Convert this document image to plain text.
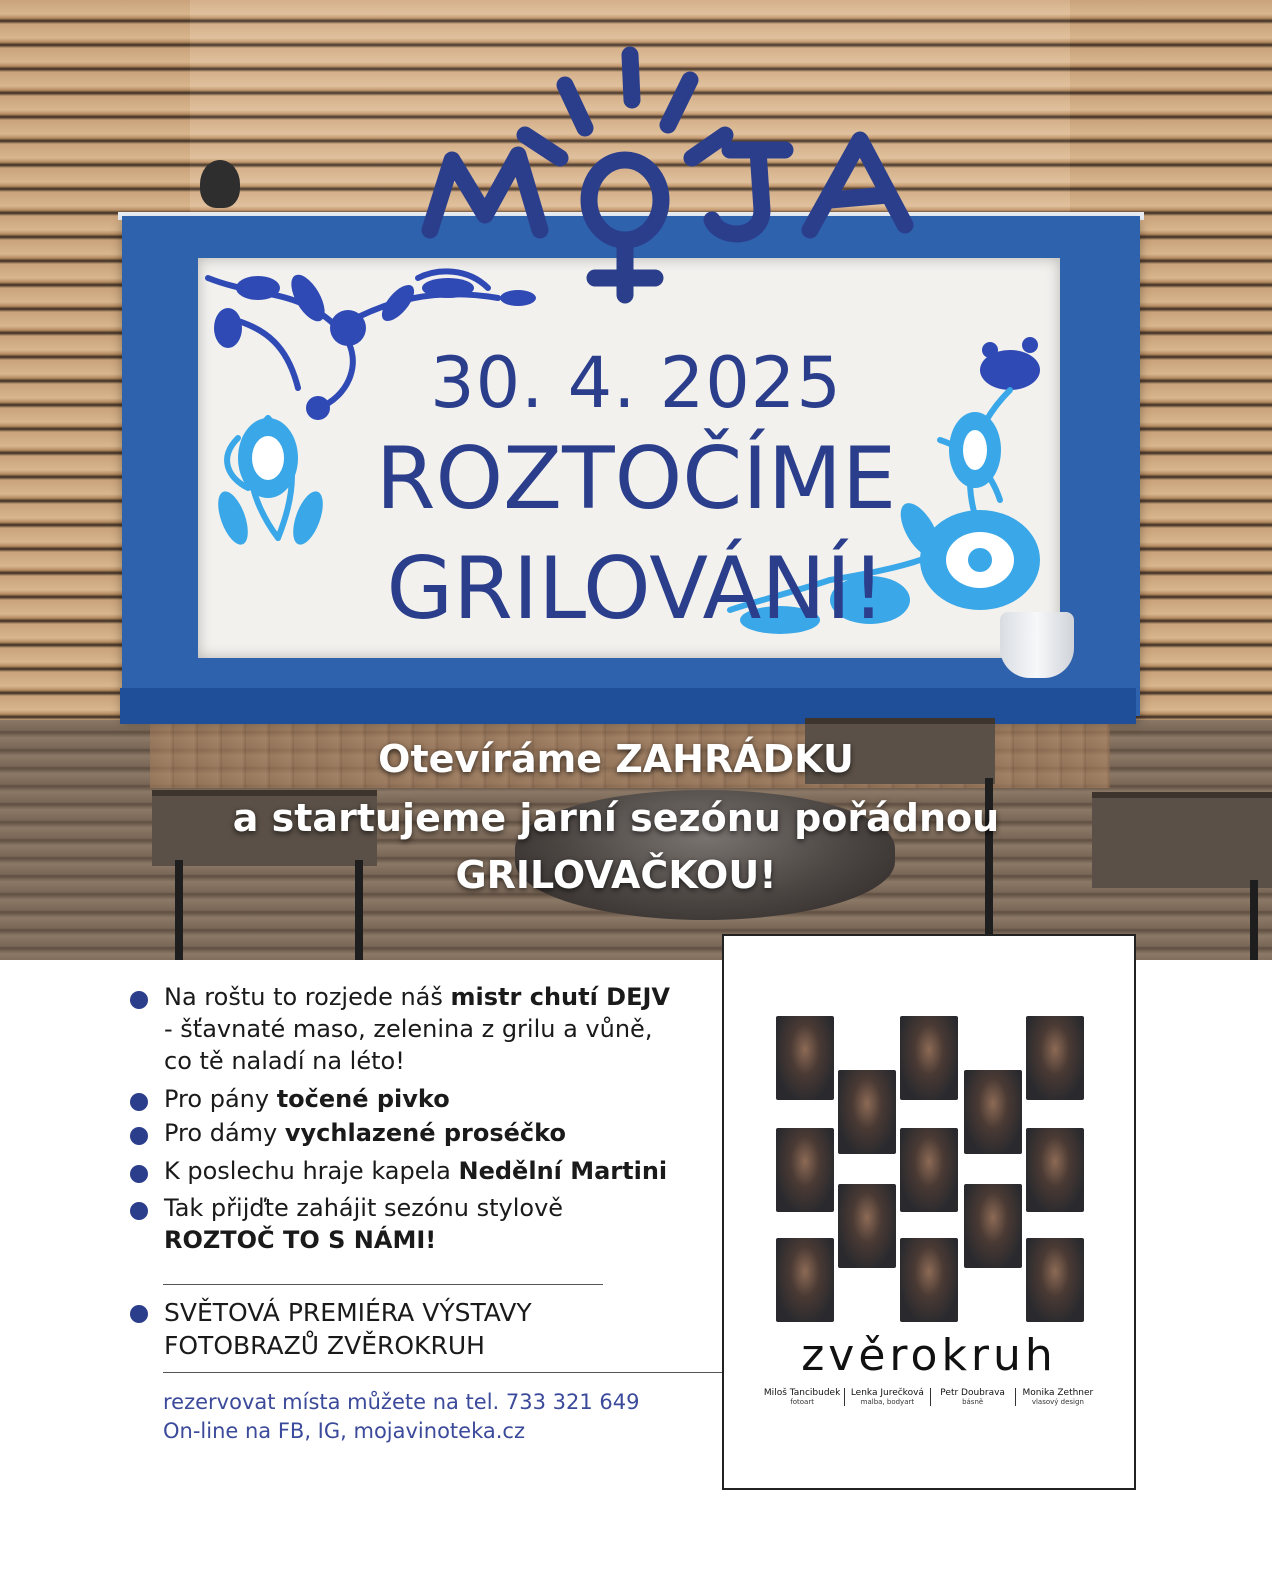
30. 4. 2025
ROZTOČÍME
GRILOVÁNÍ!
Otevíráme ZAHRÁDKU
a startujeme jarní sezónu pořádnou
GRILOVAČKOU!
Na roštu to rozjede náš mistr chutí DEJV
- šťavnaté maso, zelenina z grilu a vůně,
co tě naladí na léto!
Pro pány točené pivko
Pro dámy vychlazené proséčko
K poslechu hraje kapela Nedělní Martini
Tak přijďte zahájit sezónu stylově
ROZTOČ TO S NÁMI!
SVĚTOVÁ PREMIÉRA VÝSTAVY
FOTOBRAZŮ ZVĚROKRUH
rezervovat místa můžete na tel. 733 321 649
On-line na FB, IG, mojavinoteka.cz
zvěrokruh
Miloš Tancibudek
fotoart
Lenka Jurečková
malba, bodyart
Petr Doubrava
básně
Monika Zethner
vlasový design
